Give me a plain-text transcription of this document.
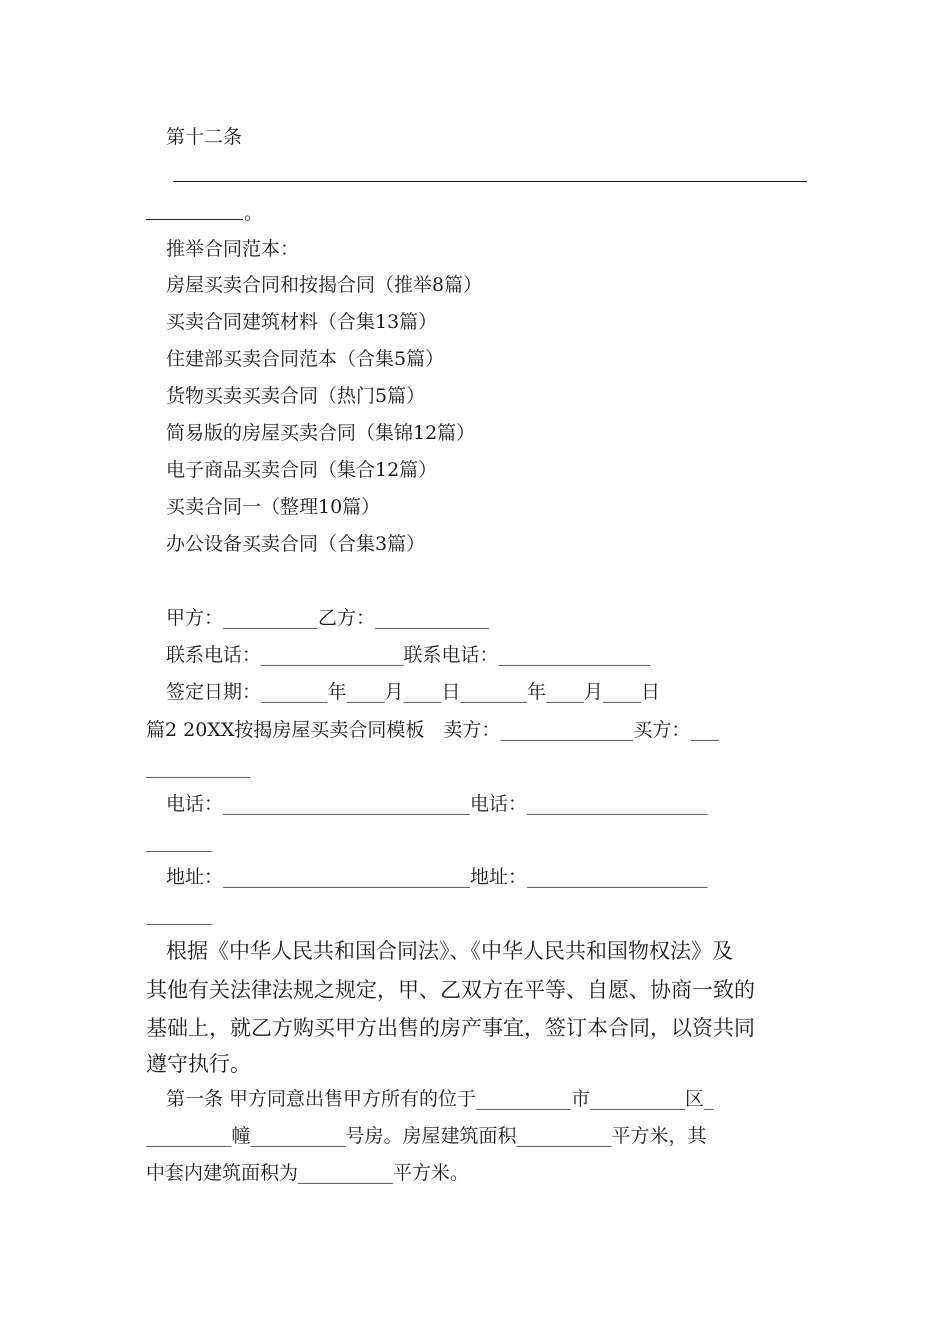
第十二条
。
推举合同范本：
房屋买卖合同和按揭合同（推举8篇）
买卖合同建筑材料（合集13篇）
住建部买卖合同范本（合集5篇）
货物买卖买卖合同（热门5篇）
简易版的房屋买卖合同（集锦12篇）
电子商品买卖合同（集合12篇）
买卖合同一（整理10篇）
办公设备买卖合同（合集3篇）
甲方：__________乙方：____________
联系电话：_______________联系电话：________________
签定日期：_______年____月____日_______年____月____日
篇2 20XX按揭房屋买卖合同模板　卖方：______________买方：___
___________
电话：__________________________电话：___________________
_______
地址：__________________________地址：___________________
_______
根据《中华人民共和国合同法》、《中华人民共和国物权法》及
其他有关法律法规之规定，甲、乙双方在平等、自愿、协商一致的
基础上，就乙方购买甲方出售的房产事宜，签订本合同，以资共同
遵守执行。
第一条 甲方同意出售甲方所有的位于__________市__________区_
_________幢__________号房。房屋建筑面积__________平方米，其
中套内建筑面积为__________平方米。
